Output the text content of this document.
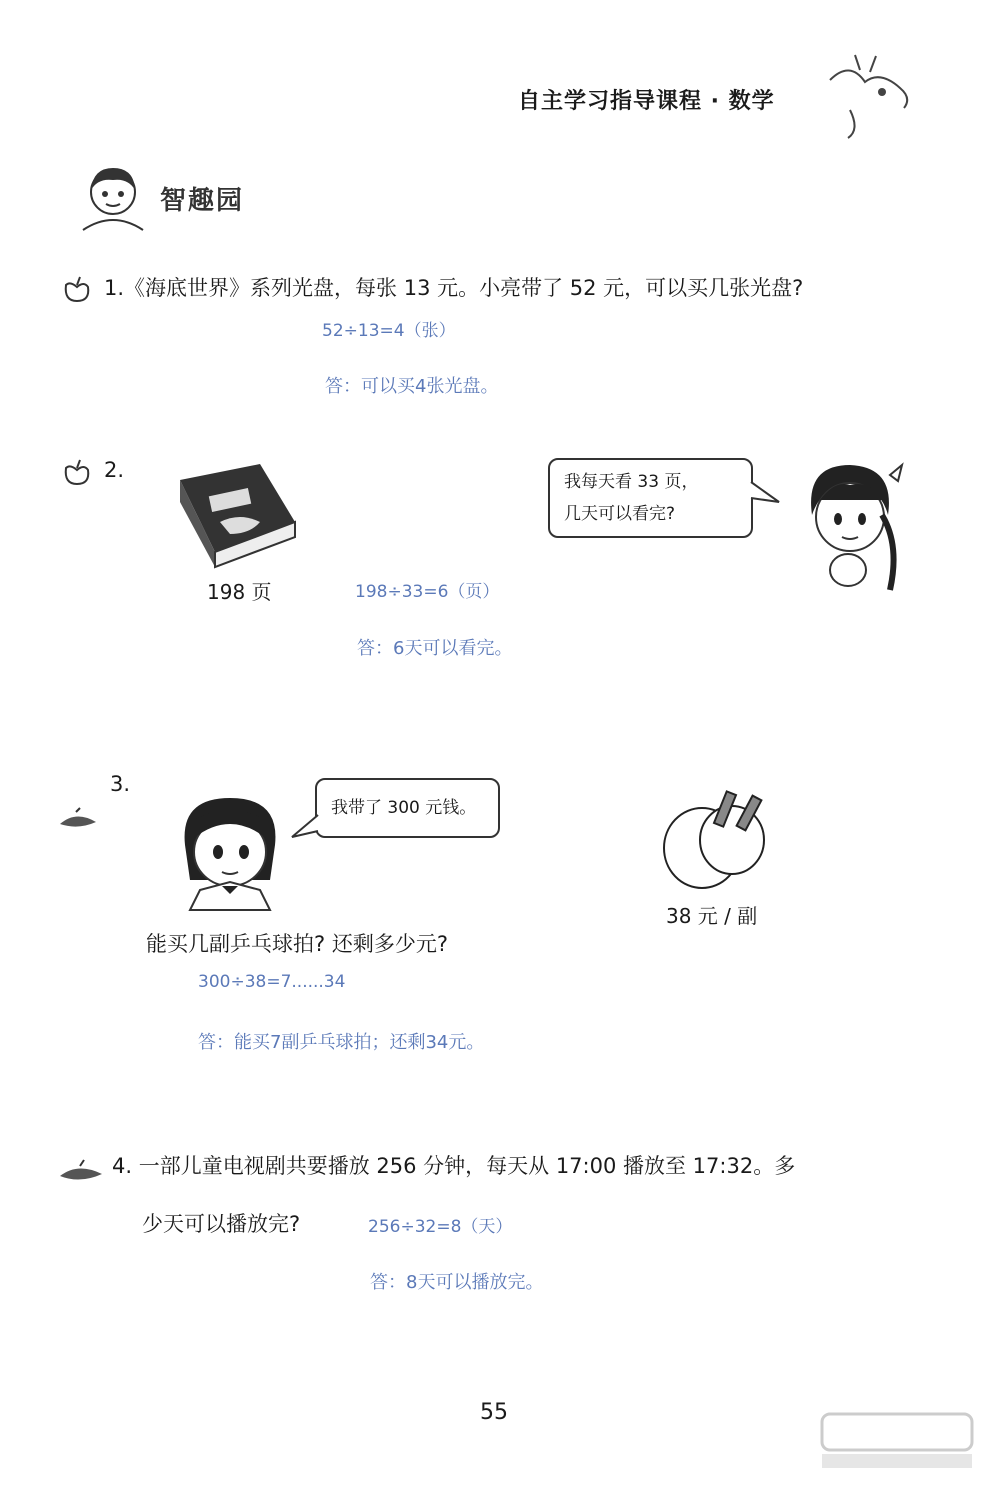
自主学习指导课程 · 数学
智趣园
1.《海底世界》系列光盘，每张 13 元。小亮带了 52 元，可以买几张光盘?
52÷13=4（张）
答：可以买4张光盘。
2.
198 页	198÷33=6（页）
答：6天可以看完。
我每天看 33 页，
几天可以看完?
3.
我带了 300 元钱。
38 元 / 副
能买几副乒乓球拍? 还剩多少元?
300÷38=7......34
答：能买7副乒乓球拍；还剩34元。
4. 一部儿童电视剧共要播放 256 分钟，每天从 17:00 播放至 17:32。多
少天可以播放完?	256÷32=8（天）
答：8天可以播放完。
55
